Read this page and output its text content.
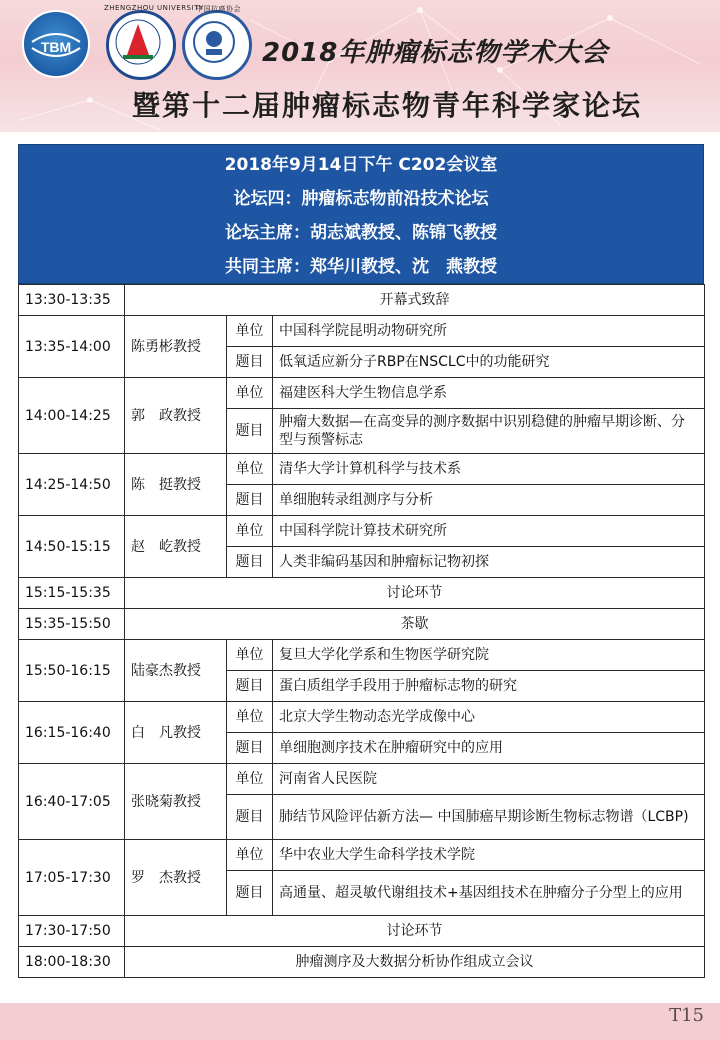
TBM
ZHENGZHOU UNIVERSITY
中国抗癌协会
2018年肿瘤标志物学术大会
暨第十二届肿瘤标志物青年科学家论坛
2018年9月14日下午 C202会议室
论坛四：肿瘤标志物前沿技术论坛
论坛主席：胡志斌教授、陈锦飞教授
共同主席：郑华川教授、沈　燕教授
13:30-13:35	开幕式致辞		
13:35-14:00	陈勇彬教授	单位	中国科学院昆明动物研究所
		题目	低氧适应新分子RBP在NSCLC中的功能研究
14:00-14:25	郭　政教授	单位	福建医科大学生物信息学系
		题目	肿瘤大数据—在高变异的测序数据中识别稳健的肿瘤早期诊断、分型与预警标志
14:25-14:50	陈　挺教授	单位	清华大学计算机科学与技术系
		题目	单细胞转录组测序与分析
14:50-15:15	赵　屹教授	单位	中国科学院计算技术研究所
		题目	人类非编码基因和肿瘤标记物初探
15:15-15:35	讨论环节		
15:35-15:50	茶歇		
15:50-16:15	陆豪杰教授	单位	复旦大学化学系和生物医学研究院
		题目	蛋白质组学手段用于肿瘤标志物的研究
16:15-16:40	白　凡教授	单位	北京大学生物动态光学成像中心
		题目	单细胞测序技术在肿瘤研究中的应用
16:40-17:05	张晓菊教授	单位	河南省人民医院
		题目	肺结节风险评估新方法— 中国肺癌早期诊断生物标志物谱（LCBP)
17:05-17:30	罗　杰教授	单位	华中农业大学生命科学技术学院
		题目	高通量、超灵敏代谢组技术+基因组技术在肿瘤分子分型上的应用
17:30-17:50	讨论环节		
18:00-18:30	肿瘤测序及大数据分析协作组成立会议		
T15
